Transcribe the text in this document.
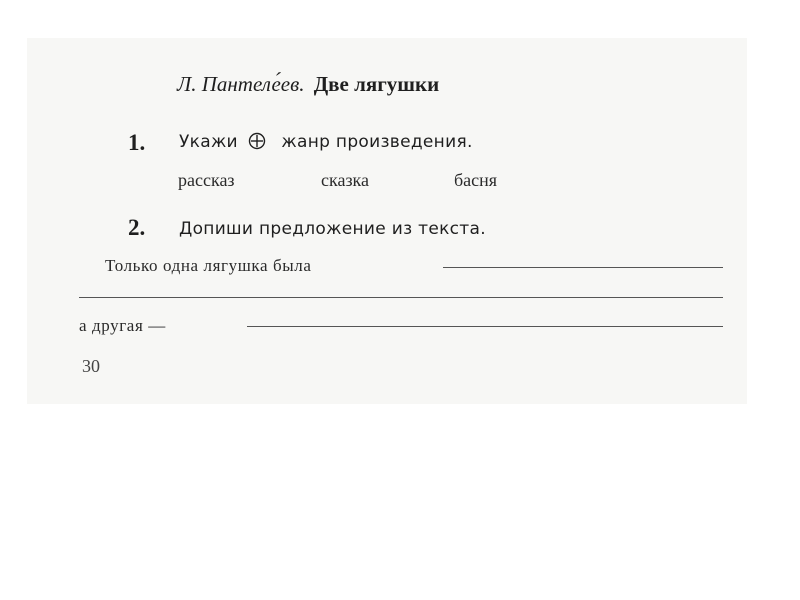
Л. Пантеле́ев. Две лягушки
1. Укажи	жанр произведения.
рассказ	сказка	басня
2. Допиши предложение из текста.
Только одна лягушка была
а другая —
30
